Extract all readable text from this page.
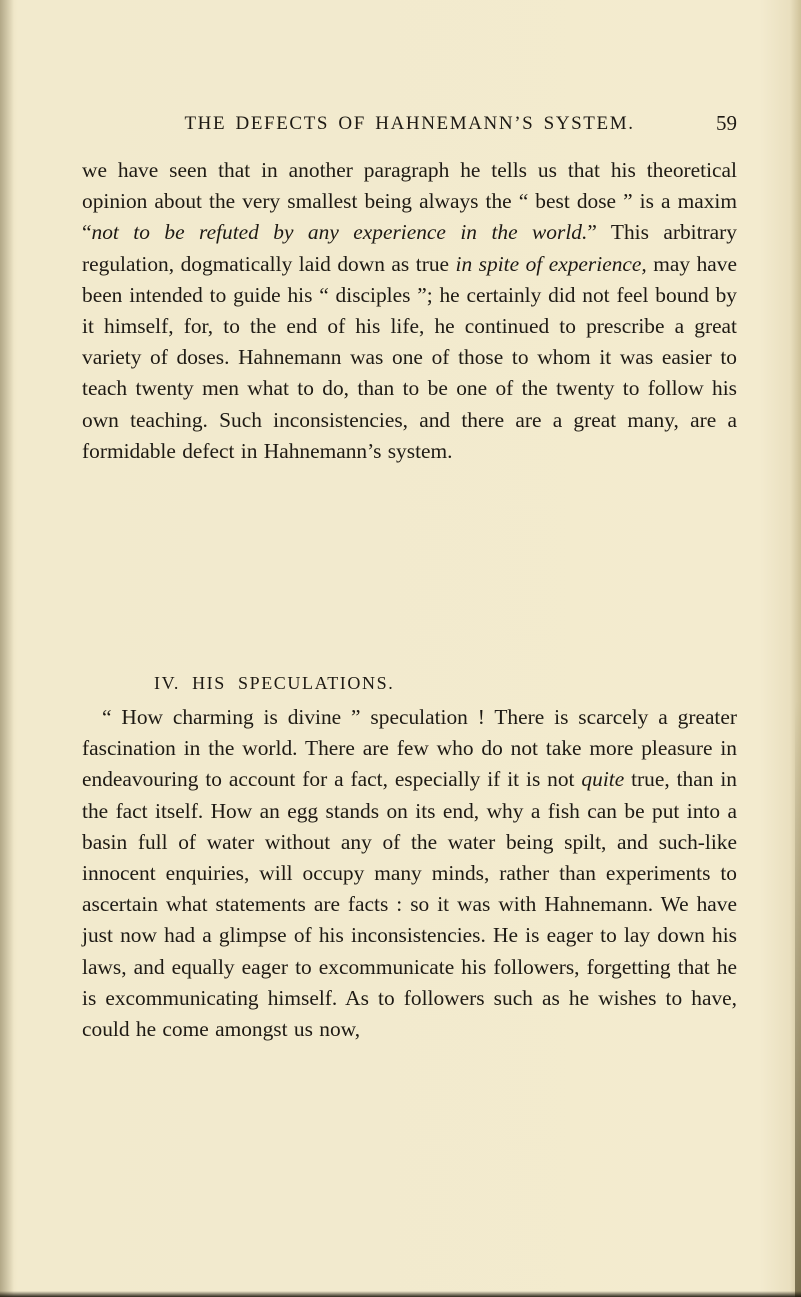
THE DEFECTS OF HAHNEMANN’S SYSTEM.	59

we have seen that in another paragraph he tells us that his theoretical opinion about the very smallest being always the “ best dose ” is a maxim “not to be refuted by any experience in the world.” This arbitrary regulation, dogmatically laid down as true in spite of experience, may have been intended to guide his “ disciples ”; he certainly did not feel bound by it himself, for, to the end of his life, he continued to prescribe a great variety of doses. Hahnemann was one of those to whom it was easier to teach twenty men what to do, than to be one of the twenty to follow his own teaching. Such inconsistencies, and there are a great many, are a formidable defect in Hahnemann’s system.

IV. HIS SPECULATIONS.

“ How charming is divine ” speculation ! There is scarcely a greater fascination in the world. There are few who do not take more pleasure in endeavouring to account for a fact, especially if it is not quite true, than in the fact itself. How an egg stands on its end, why a fish can be put into a basin full of water without any of the water being spilt, and such-like innocent enquiries, will occupy many minds, rather than experiments to ascertain what statements are facts : so it was with Hahnemann. We have just now had a glimpse of his inconsistencies. He is eager to lay down his laws, and equally eager to excommunicate his followers, forgetting that he is excommunicating himself. As to followers such as he wishes to have, could he come amongst us now,
